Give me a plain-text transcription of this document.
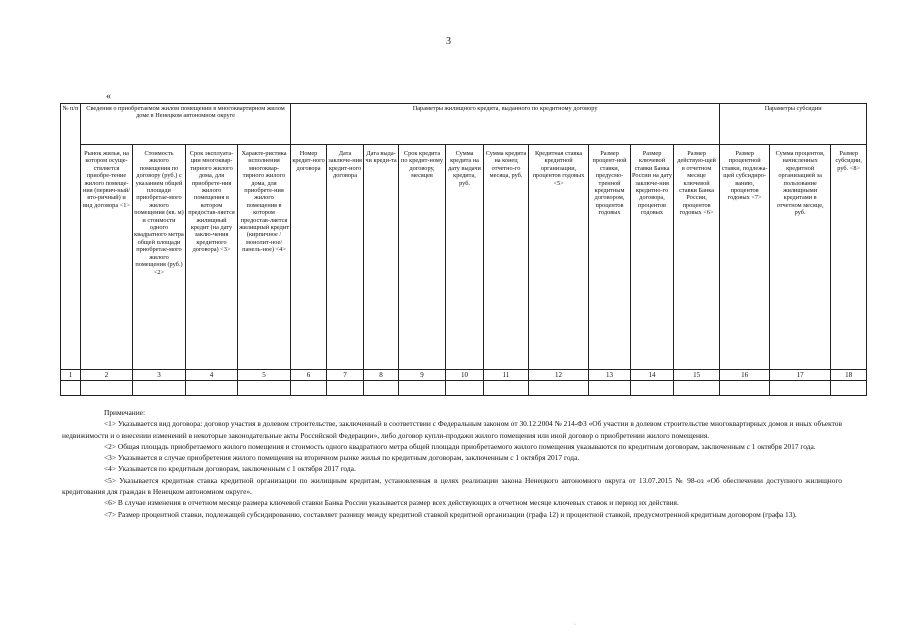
3
«
№ п/п	Сведения о приобретаемом жилом помещении в многоквартирном жилом доме в Ненецком автономном округе				Параметры жилищного кредита, выданного по кредитному договору										Параметры субсидии		
	Рынок жилья, на котором осуще-ствляется приобре-тение жилого помеще-ния (первич-ный/вто-ричный) и вид договора <1>	Стоимость жилого помещения по договору (руб.) с указанием общей площади приобретае-мого жилого помещения (кв. м) и стоимости одного квадратного метра общей площади приобретае-мого жилого помещения (руб.) <2>	Срок эксплуата-ции многоквар-тирного жилого дома, для приобрете-ния жилого помещения в котором предостав-ляется жилищный кредит (на дату заклю-чения кредитного договора) <3>	Характе-ристика исполнения многоквар-тирного жилого дома, для приобрете-ния жилого помещения в котором предостав-ляется жилищный кредит (кирпичное /монолит-ное/панель-ное) <4>	Номер кредит-ного договора	Дата заключе-ния кредит-ного договора	Дата выда-чи креди-та	Срок кредита по кредит-ному договору, месяцев	Сумма кредита на дату выдачи кредита, руб.	Сумма кредита на конец отчетно-го месяца, руб.	Кредитная ставка кредитной организации, процентов годовых <5>	Размер процент-ной ставки, предусмо-тренной кредитным договором, процентов годовых	Размер ключевой ставки Банка России на дату заключе-ния кредитно-го договора, процентов годовых	Размер действую-щей в отчетном месяце ключевой ставки Банка России, процентов годовых <6>	Размер процентной ставки, подлежа-щей субсидиро-ванию, процентов годовых <7>	Сумма процентов, начисленных кредитной организацией за пользование жилищными кредитами в отчетном месяце, руб.	Размер субсидии, руб. <8>
1	2	3	4	5	6	7	8	9	10	11	12	13	14	15	16	17	18

Примечание:

<1> Указывается вид договора: договор участия в долевом строительстве, заключенный в соответствии с Федеральным законом от 30.12.2004 № 214-ФЗ «Об участии в долевом строительстве многоквартирных домов и иных объектов недвижимости и о внесении изменений в некоторые законодательные акты Российской Федерации», либо договор купли-продажи жилого помещения или иной договор о приобретении жилого помещения.

<2> Общая площадь приобретаемого жилого помещения и стоимость одного квадратного метра общей площади приобретаемого жилого помещения указываются по кредитным договорам, заключенным с 1 октября 2017 года.

<3> Указывается в случае приобретения жилого помещения на вторичном рынке жилья по кредитным договорам, заключенным с 1 октября 2017 года.

<4> Указывается по кредитным договорам, заключенным с 1 октября 2017 года.

<5> Указывается кредитная ставка кредитной организации по жилищным кредитам, установленная в целях реализации закона Ненецкого автономного округа от 13.07.2015 № 98-оз «Об обеспечении доступного жилищного кредитования для граждан в Ненецком автономном округе».

<6> В случае изменения в отчетном месяце размера ключевой ставки Банка России указывается размер всех действующих в отчетном месяце ключевых ставок и период их действия.

<7> Размер процентной ставки, подлежащей субсидированию, составляет разницу между кредитной ставкой кредитной организации (графа 12) и процентной ставкой, предусмотренной кредитным договором (графа 13).

·
